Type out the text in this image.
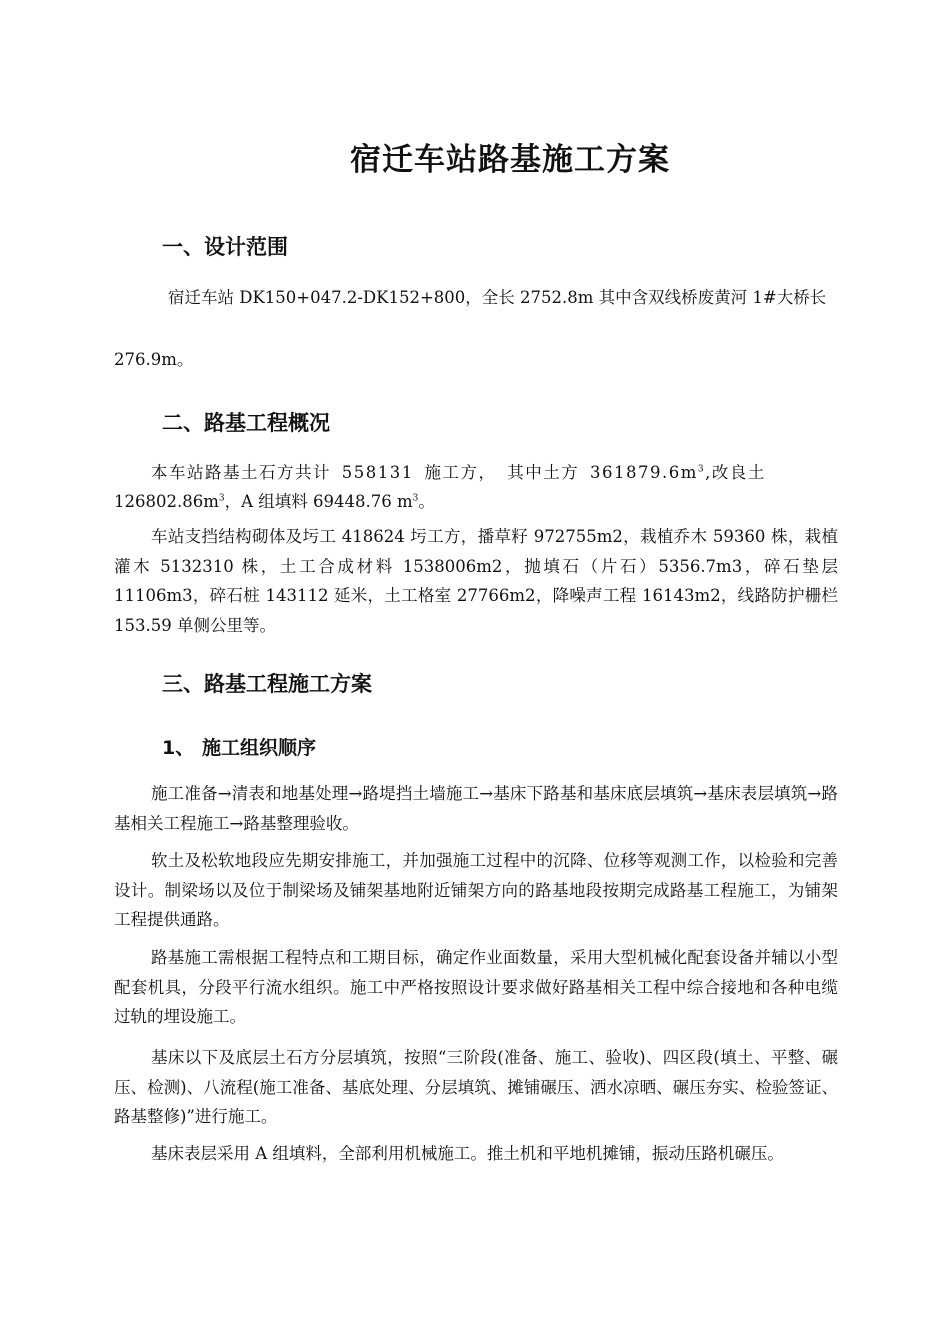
宿迁车站路基施工方案
一、设计范围
宿迁车站 DK150+047.2-DK152+800，全长 2752.8m 其中含双线桥废黄河 1#大桥长
276.9m。
二、路基工程概况
本车站路基土石方共计 558131 施工方， 其中土方 $361879.6m^3$,改良土
$126802.86m^3$，A 组填料 69448.76 $m^3$。
车站支挡结构砌体及圬工 418624 圬工方，播草籽 972755m2，栽植乔木 59360 株，栽植灌木 5132310 株，土工合成材料 1538006m2，抛填石（片石）5356.7m3，碎石垫层11106m3，碎石桩 143112 延米，土工格室 27766m2，降噪声工程 16143m2，线路防护栅栏 153.59 单侧公里等。
三、路基工程施工方案
1、 施工组织顺序
施工准备→清表和地基处理→路堤挡土墙施工→基床下路基和基床底层填筑→基床表层填筑→路基相关工程施工→路基整理验收。
软土及松软地段应先期安排施工，并加强施工过程中的沉降、位移等观测工作，以检验和完善设计。制梁场以及位于制梁场及铺架基地附近铺架方向的路基地段按期完成路基工程施工，为铺架工程提供通路。
路基施工需根据工程特点和工期目标，确定作业面数量，采用大型机械化配套设备并辅以小型配套机具，分段平行流水组织。施工中严格按照设计要求做好路基相关工程中综合接地和各种电缆过轨的埋设施工。
基床以下及底层土石方分层填筑，按照“三阶段(准备、施工、验收)、四区段(填土、平整、碾压、检测)、八流程(施工准备、基底处理、分层填筑、摊铺碾压、洒水凉晒、碾压夯实、检验签证、路基整修)”进行施工。
基床表层采用 A 组填料，全部利用机械施工。推土机和平地机摊铺，振动压路机碾压。
